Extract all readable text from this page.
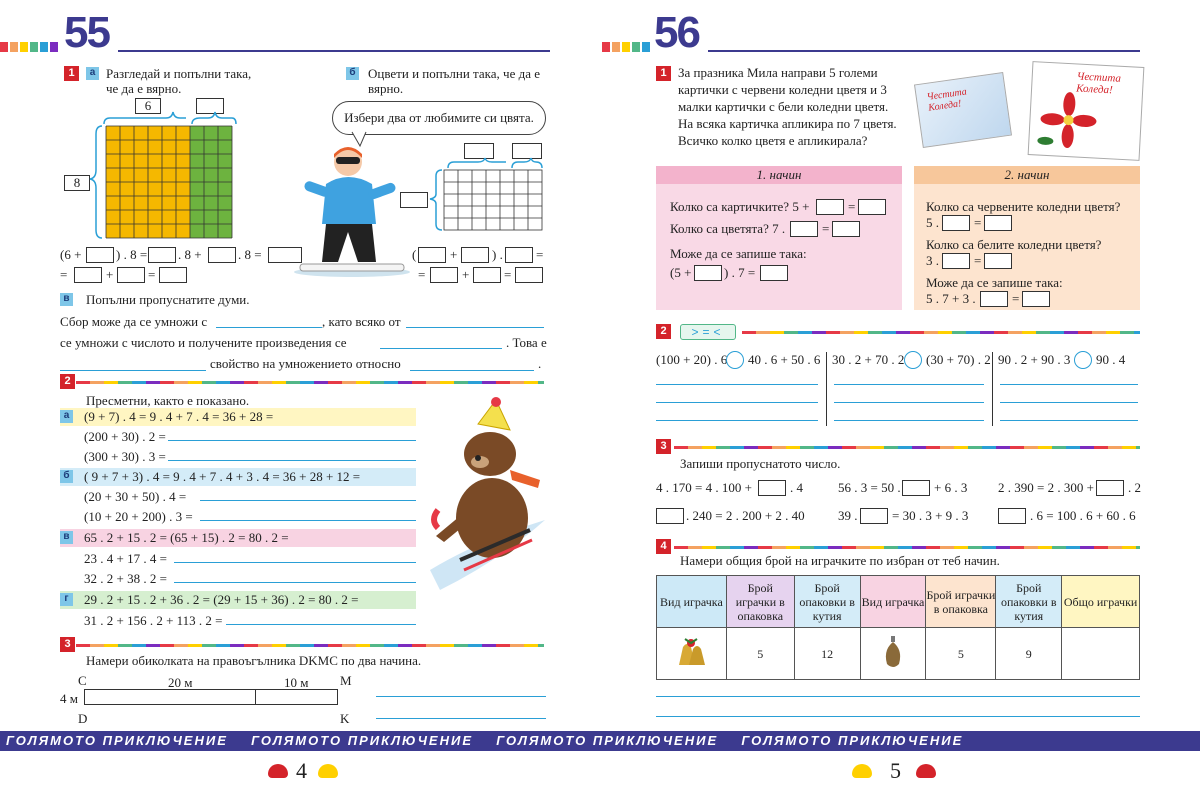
55
1	а Разгледай и попълни така,
че да е вярно.
6
8
(6 +	) . 8 = . 8 +	. 8 =
=	+	=
б Оцвети и попълни така, че да е
вярно.
Избери два от любимите си цвята.
(	+	) .	=
=	+	=
в Попълни пропуснатите думи.
Сбор може да се умножи с	, като всяко от
се умножи с числото и получените произведения се	. Това е
свойство на умножението относно	.
2
Пресметни, както е показано.
а (9 + 7) . 4 = 9 . 4 + 7 . 4 = 36 + 28 =
(200 + 30) . 2 =
(300 + 30) . 3 =
б ( 9 + 7 + 3) . 4 = 9 . 4 + 7 . 4 + 3 . 4 = 36 + 28 + 12 =
(20 + 30 + 50) . 4 =
(10 + 20 + 200) . 3 =
в 65 . 2 + 15 . 2 = (65 + 15) . 2 = 80 . 2 =
23 . 4 + 17 . 4 =
32 . 2 + 38 . 2 =
г	29 . 2 + 15 . 2 + 36 . 2 = (29 + 15 + 36) . 2 = 80 . 2 =
31 . 2 + 156 . 2 + 113 . 2 =
3
Намери обиколката на правоъгълника DKMC по два начина.
C	M
D	K
20 м	10 м
4 м
56
1 За празника Мила направи 5 големи
картички с червени коледни цветя и 3
малки картички с бели коледни цветя.
На всяка картичка апликира по 7 цветя.
Всичко колко цветя е апликирала?
Честита Коледа!
Честита Коледа!
1. начин
Колко са картичките? 5 +	=
Колко са цветята? 7 .	=
Може да се запише така:
(5 +	) . 7 =
2. начин
Колко са червените коледни цветя?
5 .	=
Колко са белите коледни цветя?
3 .	=
Може да се запише така:
5 . 7 + 3 .	=
2	>=<
(100 + 20) . 6 40 . 6 + 50 . 6 30 . 2 + 70 . 2 (30 + 70) . 2 90 . 2 + 90 . 3 90 . 4
3
Запиши пропуснатото число.
4 . 170 = 4 . 100 +	. 4	56 . 3 = 50 .	+ 6 . 3 2 . 390 = 2 . 300 +	. 2
. 240 = 2 . 200 + 2 . 40	39 .	= 30 . 3 + 9 . 3	. 6 = 100 . 6 + 60 . 6
4
Намери общия брой на играчките по избран от теб начин.
Вид играчка	Брой играчки в опаковка	Брой опаковки в кутия	Вид играчка	Брой играчки в опаковка	Брой опаковки в кутия	Общо играчки
	5	12		5	9	
ГОЛЯМОТО ПРИКЛЮЧЕНИЕ ГОЛЯМОТО ПРИКЛЮЧЕНИЕ ГОЛЯМОТО ПРИКЛЮЧЕНИЕ ГОЛЯМОТО ПРИКЛЮЧЕНИЕ ГОЛЯМОТО ПРИКЛЮЧЕНИЕ	4	5
